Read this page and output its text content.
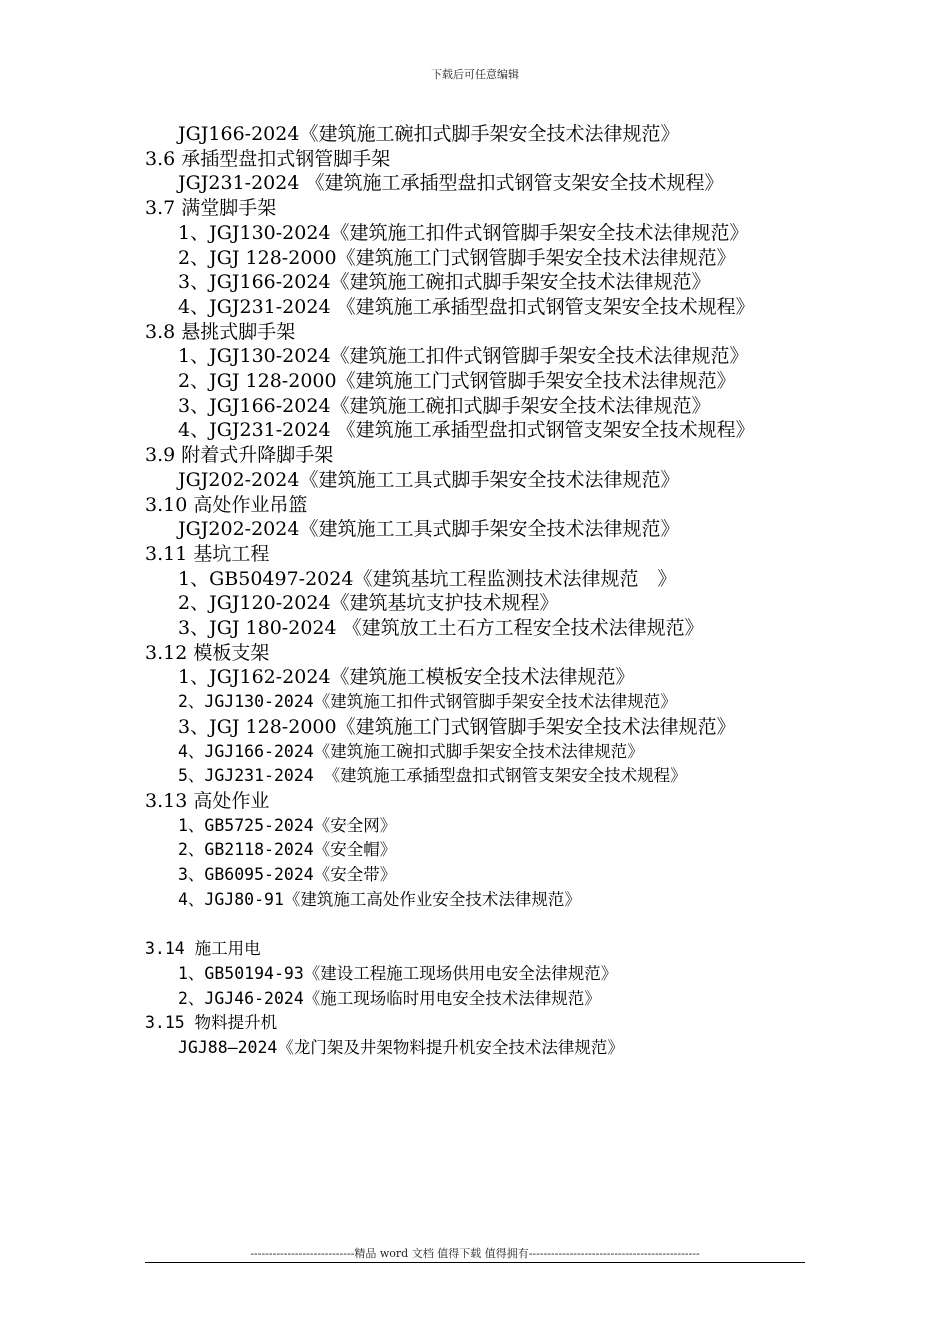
下载后可任意编辑
JGJ166-2024《建筑施工碗扣式脚手架安全技术法律规范》
3.6 承插型盘扣式钢管脚手架
JGJ231-2024 《建筑施工承插型盘扣式钢管支架安全技术规程》
3.7 满堂脚手架
1、JGJ130-2024《建筑施工扣件式钢管脚手架安全技术法律规范》
2、JGJ 128-2000《建筑施工门式钢管脚手架安全技术法律规范》
3、JGJ166-2024《建筑施工碗扣式脚手架安全技术法律规范》
4、JGJ231-2024 《建筑施工承插型盘扣式钢管支架安全技术规程》
3.8 悬挑式脚手架
1、JGJ130-2024《建筑施工扣件式钢管脚手架安全技术法律规范》
2、JGJ 128-2000《建筑施工门式钢管脚手架安全技术法律规范》
3、JGJ166-2024《建筑施工碗扣式脚手架安全技术法律规范》
4、JGJ231-2024 《建筑施工承插型盘扣式钢管支架安全技术规程》
3.9 附着式升降脚手架
JGJ202-2024《建筑施工工具式脚手架安全技术法律规范》
3.10 高处作业吊篮
JGJ202-2024《建筑施工工具式脚手架安全技术法律规范》
3.11 基坑工程
1、GB50497-2024《建筑基坑工程监测技术法律规范　》
2、JGJ120-2024《建筑基坑支护技术规程》
3、JGJ 180-2024 《建筑放工土石方工程安全技术法律规范》
3.12 模板支架
1、JGJ162-2024《建筑施工模板安全技术法律规范》
2、JGJ130-2024《建筑施工扣件式钢管脚手架安全技术法律规范》
3、JGJ 128-2000《建筑施工门式钢管脚手架安全技术法律规范》
4、JGJ166-2024《建筑施工碗扣式脚手架安全技术法律规范》
5、JGJ231-2024 《建筑施工承插型盘扣式钢管支架安全技术规程》
3.13 高处作业
1、GB5725-2024《安全网》
2、GB2118-2024《安全帽》
3、GB6095-2024《安全带》
4、JGJ80-91《建筑施工高处作业安全技术法律规范》
3.14 施工用电
1、GB50194-93《建设工程施工现场供用电安全法律规范》
2、JGJ46-2024《施工现场临时用电安全技术法律规范》
3.15 物料提升机
JGJ88—2024《龙门架及井架物料提升机安全技术法律规范》
----------------------------精品 word 文档 值得下载 值得拥有----------------------------------------------
